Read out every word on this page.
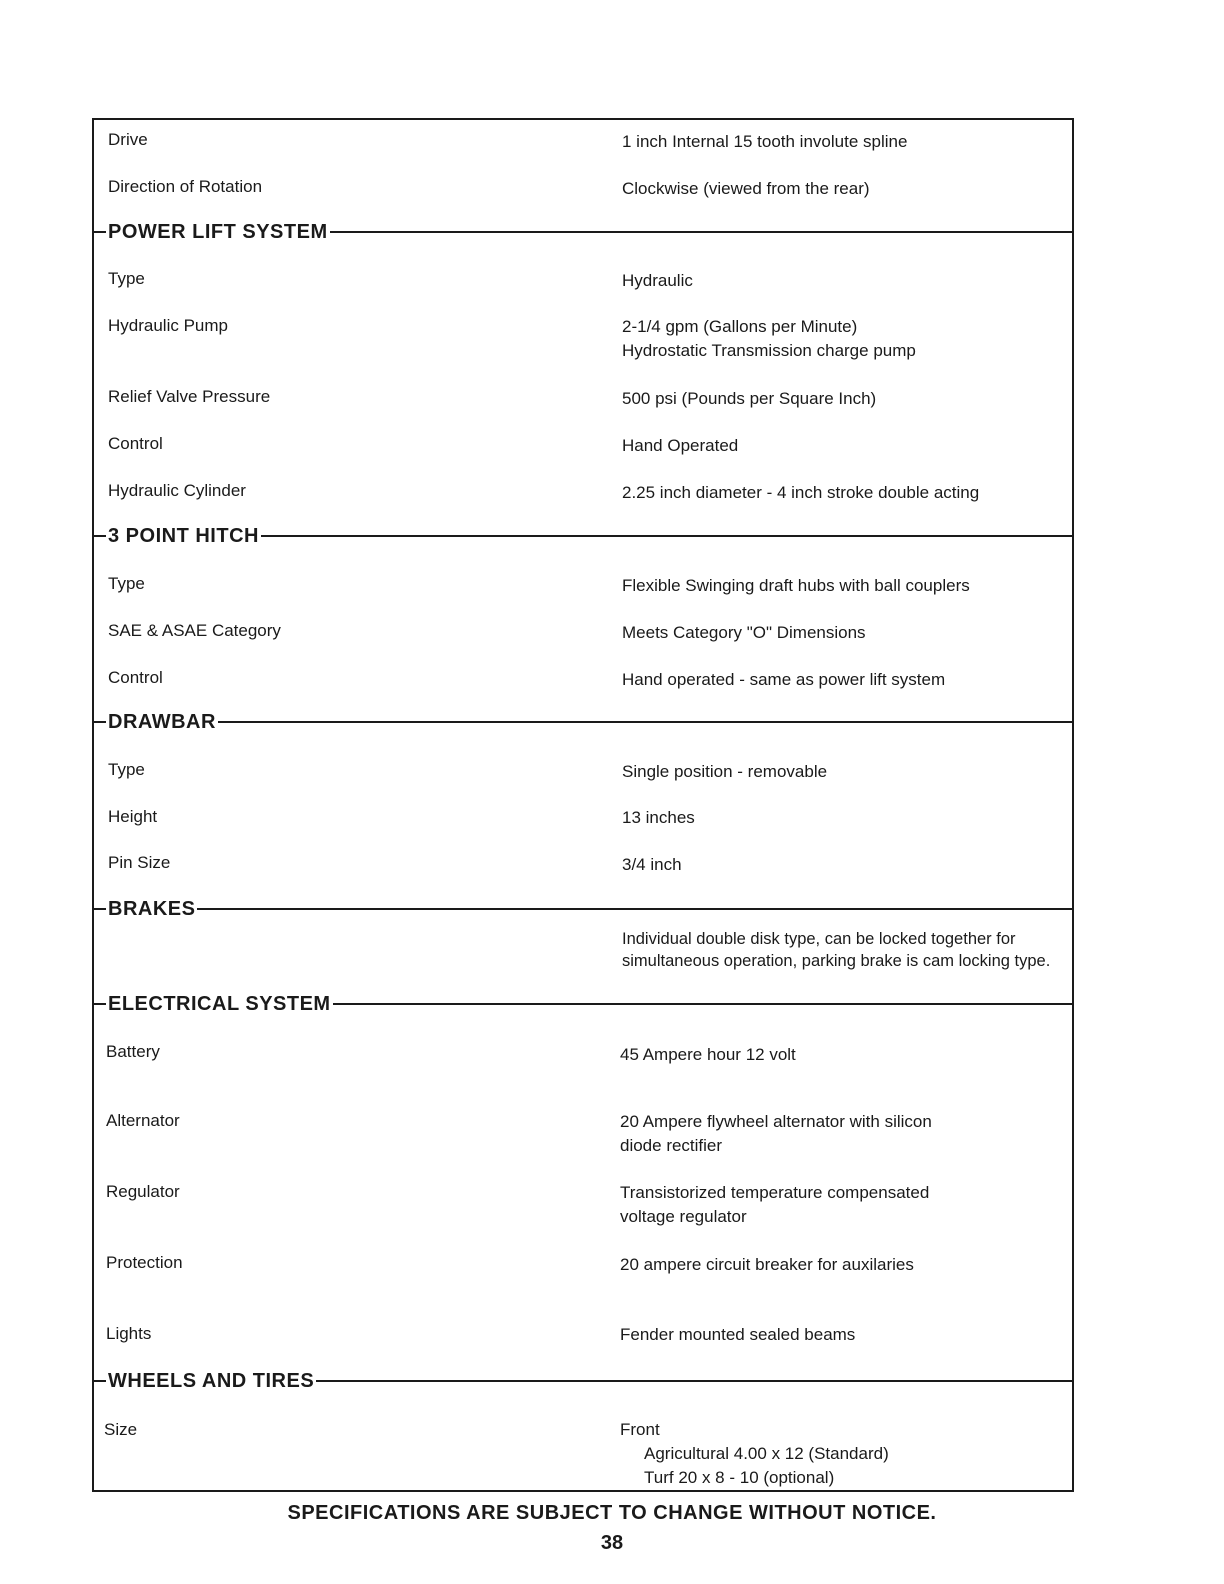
Drive	1 inch Internal 15 tooth involute spline
Direction of Rotation	Clockwise (viewed from the rear)
POWER LIFT SYSTEM
Type	Hydraulic
Hydraulic Pump	2-1/4 gpm (Gallons per Minute)
Hydrostatic Transmission charge pump
Relief Valve Pressure	500 psi (Pounds per Square Inch)
Control	Hand Operated
Hydraulic Cylinder	2.25 inch diameter - 4 inch stroke double acting
3 POINT HITCH
Type	Flexible Swinging draft hubs with ball couplers
SAE & ASAE Category	Meets Category "O" Dimensions
Control	Hand operated - same as power lift system
DRAWBAR
Type	Single position - removable
Height	13 inches
Pin Size	3/4 inch
BRAKES
Individual double disk type, can be locked together for
simultaneous operation, parking brake is cam locking type.
ELECTRICAL SYSTEM
Battery	45 Ampere hour 12 volt
Alternator	20 Ampere flywheel alternator with silicon
diode rectifier
Regulator	Transistorized temperature compensated
voltage regulator
Protection	20 ampere circuit breaker for auxilaries
Lights	Fender mounted sealed beams
WHEELS AND TIRES
Size	Front
Agricultural 4.00 x 12 (Standard)
Turf 20 x 8 - 10 (optional)
SPECIFICATIONS ARE SUBJECT TO CHANGE WITHOUT NOTICE.
38
